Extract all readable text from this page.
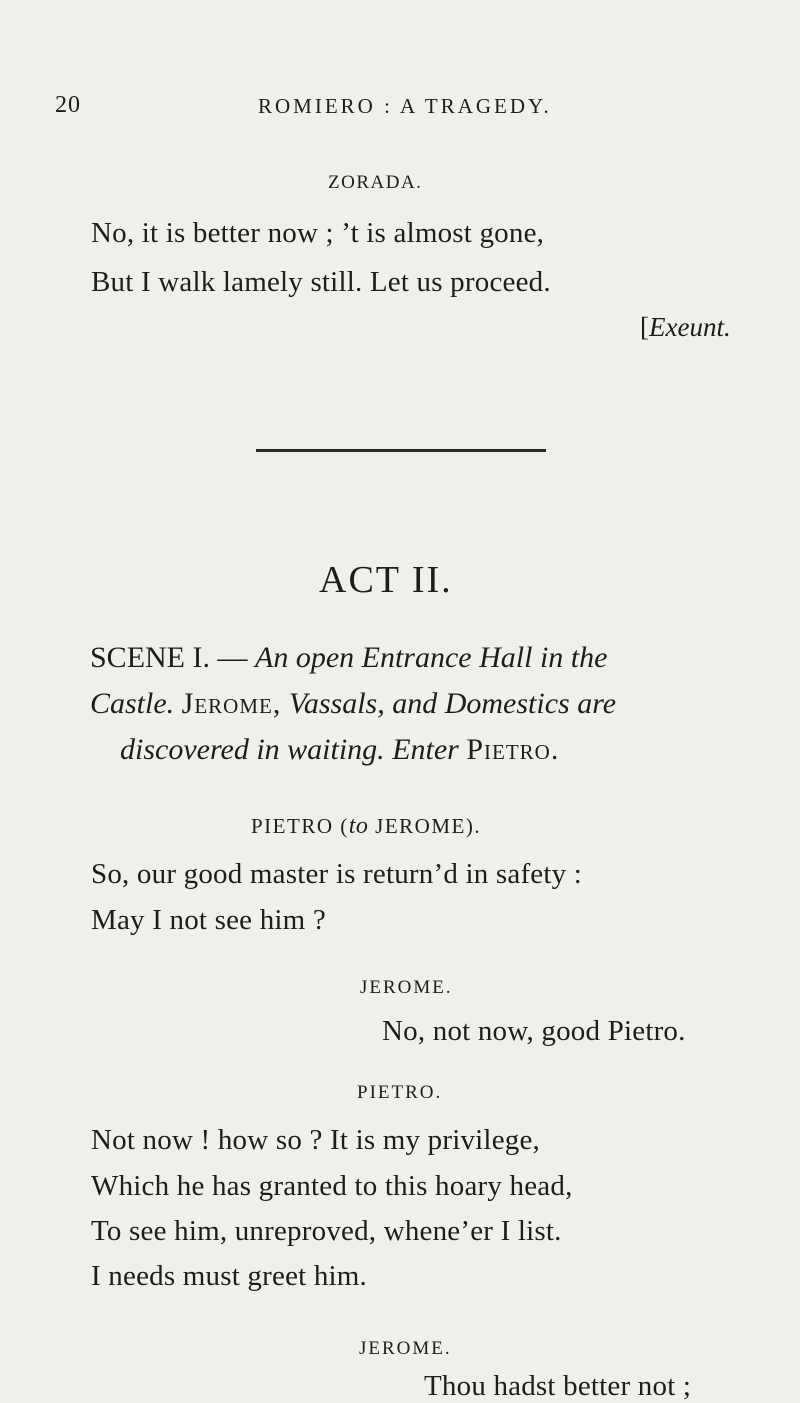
20	ROMIERO : A TRAGEDY.
ZORADA.
No, it is better now ; ’t is almost gone,
But I walk lamely still. Let us proceed.
[Exeunt.
ACT II.
SCENE I. — An open Entrance Hall in the
Castle. Jerome, Vassals, and Domestics are
discovered in waiting. Enter Pietro.
PIETRO (to JEROME).
So, our good master is return’d in safety :
May I not see him ?
JEROME.
No, not now, good Pietro.
PIETRO.
Not now ! how so ? It is my privilege,
Which he has granted to this hoary head,
To see him, unreproved, whene’er I list.
I needs must greet him.
JEROME.
Thou hadst better not ;
